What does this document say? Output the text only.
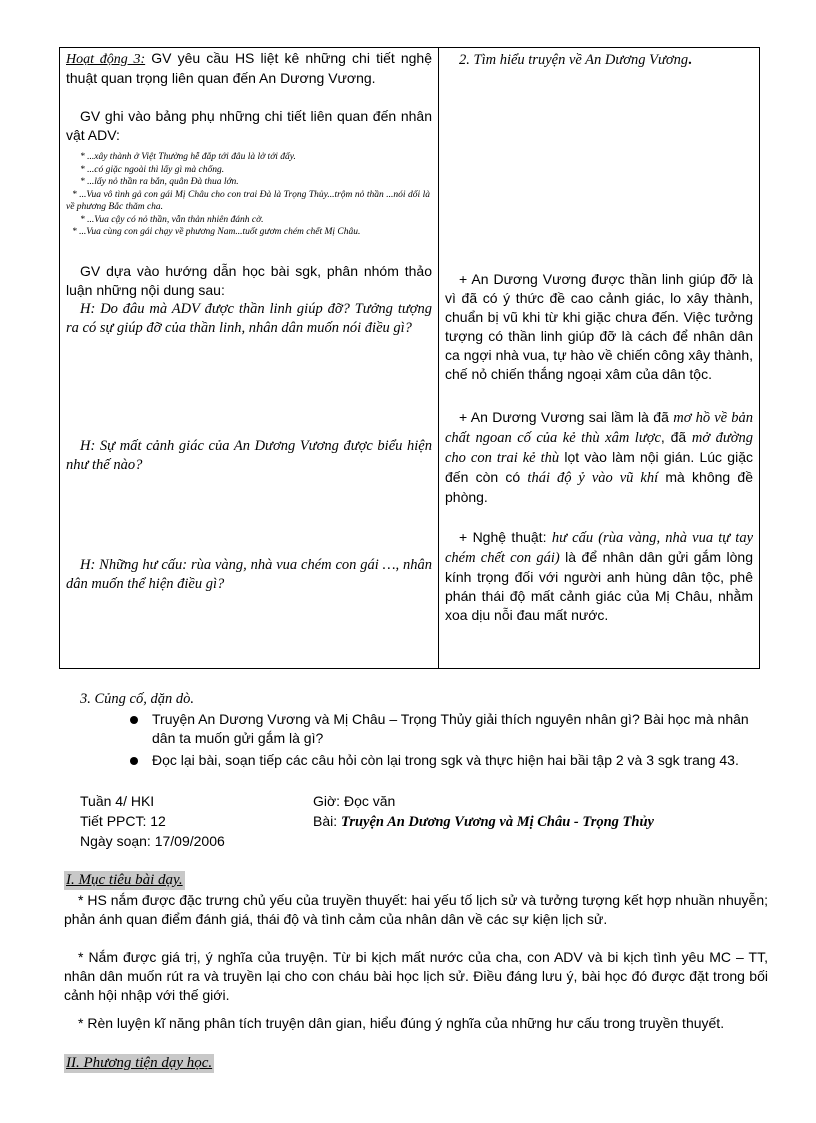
Hoạt động 3: GV yêu cầu HS liệt kê những chi tiết nghệ thuật quan trọng liên quan đến An Dương Vương.
GV ghi vào bảng phụ những chi tiết liên quan đến nhân vật ADV:
* ...xây thành ở Việt Thường hễ đắp tới đâu là lở tới đấy.
* ...có giặc ngoài thì lấy gì mà chống.
* ...lấy nỏ thần ra bắn, quân Đà thua lớn.
* ...Vua vô tình gả con gái Mị Châu cho con trai Đà là Trọng Thủy...trộm nỏ thần ...nói dối là về phương Bắc thăm cha.
* ...Vua cậy có nỏ thần, vẫn thản nhiên đánh cờ.
* ...Vua cùng con gái chạy về phương Nam...tuốt gươm chém chết Mị Châu.
GV dựa vào hướng dẫn học bài sgk, phân nhóm thảo luận những nội dung sau:
H: Do đâu mà ADV được thần linh giúp đỡ? Tưởng tượng ra có sự giúp đỡ của thần linh, nhân dân muốn nói điều gì?
H: Sự mất cảnh giác của An Dương Vương được biểu hiện như thế nào?
H: Những hư cấu: rùa vàng, nhà vua chém con gái …, nhân dân muốn thể hiện điều gì?

2. Tìm hiểu truyện về An Dương Vương.
+ An Dương Vương được thần linh giúp đỡ là vì đã có ý thức đề cao cảnh giác, lo xây thành, chuẩn bị vũ khi từ khi giặc chưa đến. Việc tưởng tượng có thần linh giúp đỡ là cách để nhân dân ca ngợi nhà vua, tự hào về chiến công xây thành, chế nỏ chiến thắng ngoại xâm của dân tộc.
+ An Dương Vương sai lầm là đã mơ hồ về bản chất ngoan cố của kẻ thù xâm lược, đã mở đường cho con trai kẻ thù lọt vào làm nội gián. Lúc giặc đến còn có thái độ ỷ vào vũ khí mà không đề phòng.
+ Nghệ thuật: hư cấu (rùa vàng, nhà vua tự tay chém chết con gái) là để nhân dân gửi gắm lòng kính trọng đối với người anh hùng dân tộc, phê phán thái độ mất cảnh giác của Mị Châu, nhằm xoa dịu nỗi đau mất nước.
3. Củng cố, dặn dò.
Truyện An Dương Vương và Mị Châu – Trọng Thủy giải thích nguyên nhân gì? Bài học mà nhân dân ta muốn gửi gắm là gì?
Đọc lại bài, soạn tiếp các câu hỏi còn lại trong sgk và thực hiện hai bầi tập 2 và 3 sgk trang 43.
Tuần 4/ HKI
Tiết PPCT: 12
Ngày soạn: 17/09/2006
Giờ: Đọc văn
Bài: Truyện An Dương Vương và Mị Châu - Trọng Thủy
I. Mục tiêu bài dạy.
* HS nắm được đặc trưng chủ yếu của truyền thuyết: hai yếu tố lịch sử và tưởng tượng kết hợp nhuần nhuyễn; phản ánh quan điểm đánh giá, thái độ và tình cảm của nhân dân về các sự kiện lịch sử.
* Nắm được giá trị, ý nghĩa của truyện. Từ bi kịch mất nước của cha, con ADV và bi kịch tình yêu MC – TT, nhân dân muốn rút ra và truyền lại cho con cháu bài học lịch sử. Điều đáng lưu ý, bài học đó được đặt trong bối cảnh hội nhập với thế giới.
* Rèn luyện kĩ năng phân tích truyện dân gian, hiểu đúng ý nghĩa của những hư cấu trong truyền thuyết.
II. Phương tiện dạy học.
